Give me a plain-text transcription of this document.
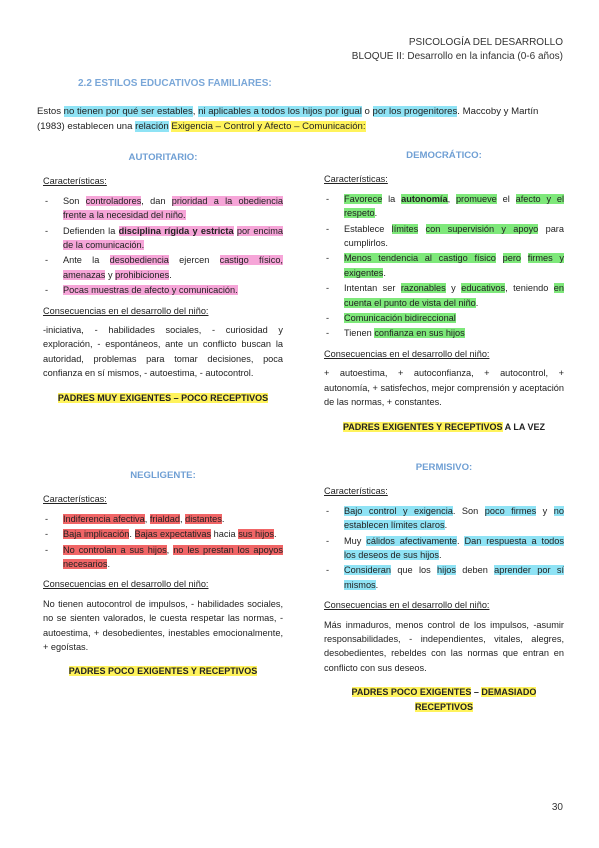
PSICOLOGÍA DEL DESARROLLO
BLOQUE II: Desarrollo en la infancia (0-6 años)
2.2 ESTILOS EDUCATIVOS FAMILIARES:
Estos no tienen por qué ser estables, ni aplicables a todos los hijos por igual o por los progenitores. Maccoby y Martín (1983) establecen una relación Exigencia – Control y Afecto – Comunicación:
AUTORITARIO:
Características:
- Son controladores, dan prioridad a la obediencia frente a la necesidad del niño.
- Defienden la disciplina rígida y estricta por encima de la comunicación.
- Ante la desobediencia ejercen castigo físico, amenazas y prohibiciones.
- Pocas muestras de afecto y comunicación.
Consecuencias en el desarrollo del niño:
-iniciativa, - habilidades sociales, - curiosidad y exploración, - espontáneos, ante un conflicto buscan la autoridad, problemas para tomar decisiones, poca confianza en sí mismos, - autoestima, - autocontrol.
PADRES MUY EXIGENTES – POCO RECEPTIVOS
DEMOCRÁTICO:
Características:
- Favorece la autonomía, promueve el afecto y el respeto.
- Establece límites con supervisión y apoyo para cumplirlos.
- Menos tendencia al castigo físico pero firmes y exigentes.
- Intentan ser razonables y educativos, teniendo en cuenta el punto de vista del niño.
- Comunicación bidireccional
- Tienen confianza en sus hijos
Consecuencias en el desarrollo del niño:
+ autoestima, + autoconfianza, + autocontrol, + autonomía, + satisfechos, mejor comprensión y aceptación de las normas, + constantes.
PADRES EXIGENTES Y RECEPTIVOS A LA VEZ
NEGLIGENTE:
Características:
- Indiferencia afectiva, frialdad, distantes.
- Baja implicación. Bajas expectativas hacia sus hijos.
- No controlan a sus hijos, no les prestan los apoyos necesarios.
Consecuencias en el desarrollo del niño:
No tienen autocontrol de impulsos, - habilidades sociales, no se sienten valorados, le cuesta respetar las normas, - autoestima, + desobedientes, inestables emocionalmente, + egoístas.
PADRES POCO EXIGENTES Y RECEPTIVOS
PERMISIVO:
Características:
- Bajo control y exigencia. Son poco firmes y no establecen límites claros.
- Muy cálidos afectivamente. Dan respuesta a todos los deseos de sus hijos.
- Consideran que los hijos deben aprender por sí mismos.
Consecuencias en el desarrollo del niño:
Más inmaduros, menos control de los impulsos, -asumir responsabilidades, - independientes, vitales, alegres, desobedientes, rebeldes con las normas que entran en conflicto con sus deseos.
PADRES POCO EXIGENTES – DEMASIADO RECEPTIVOS
30
